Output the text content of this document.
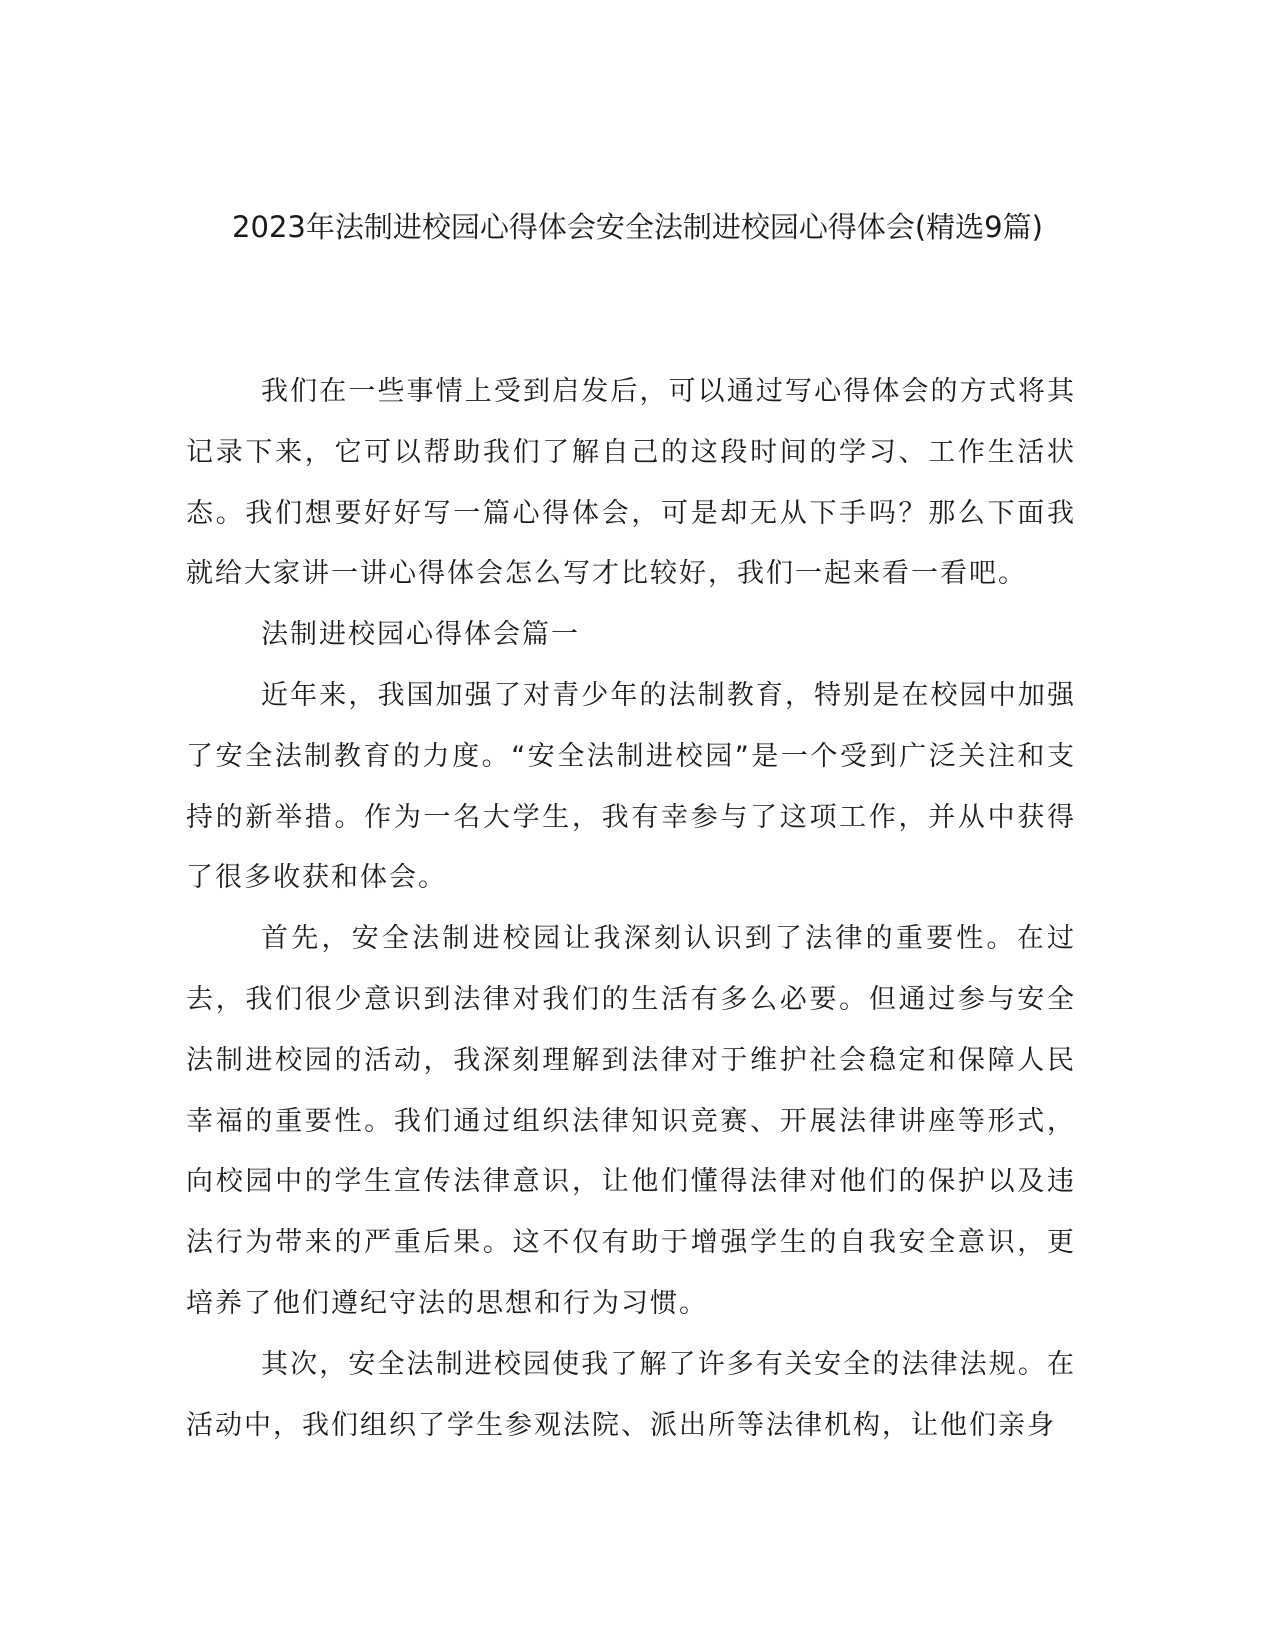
2023年法制进校园心得体会安全法制进校园心得体会(精选9篇)

我们在一些事情上受到启发后，可以通过写心得体会的方式将其记录下来，它可以帮助我们了解自己的这段时间的学习、工作生活状态。我们想要好好写一篇心得体会，可是却无从下手吗？那么下面我就给大家讲一讲心得体会怎么写才比较好，我们一起来看一看吧。

法制进校园心得体会篇一

近年来，我国加强了对青少年的法制教育，特别是在校园中加强了安全法制教育的力度。“安全法制进校园”是一个受到广泛关注和支持的新举措。作为一名大学生，我有幸参与了这项工作，并从中获得了很多收获和体会。

首先，安全法制进校园让我深刻认识到了法律的重要性。在过去，我们很少意识到法律对我们的生活有多么必要。但通过参与安全法制进校园的活动，我深刻理解到法律对于维护社会稳定和保障人民幸福的重要性。我们通过组织法律知识竞赛、开展法律讲座等形式，向校园中的学生宣传法律意识，让他们懂得法律对他们的保护以及违法行为带来的严重后果。这不仅有助于增强学生的自我安全意识，更培养了他们遵纪守法的思想和行为习惯。

其次，安全法制进校园使我了解了许多有关安全的法律法规。在活动中，我们组织了学生参观法院、派出所等法律机构，让他们亲身
